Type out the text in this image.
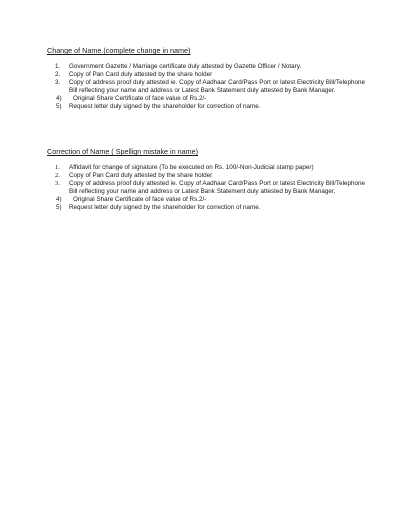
Change of Name.(complete change in name)
1. Government Gazette / Marriage certificate duly attested by Gazette Officer / Notary.
2. Copy of Pan Card duly attested by the share holder
3. Copy of address proof duly attested ie. Copy of Aadhaar Card/Pass Port or latest Electricity Bill/Telephone Bill reflecting your name and address or Latest Bank Statement duly attested by Bank Manager.
4)	Original Share Certificate of face value of Rs.2/-
5) Request letter duly signed by the shareholder for correction of name.
Correction of Name ( Spellign mistake in name)
1. Affidavit for change of signature (To be executed on Rs. 100/-Non-Judicial stamp paper)
2. Copy of Pan Card duly attested by the share holder
3. Copy of address proof duly attested ie. Copy of Aadhaar Card/Pass Port or latest Electricity Bill/Telephone Bill reflecting your name and address or Latest Bank Statement duly attested by Bank Manager.
4)	Original Share Certificate of face value of Rs.2/-
5) Request letter duly signed by the shareholder for correction of name.
